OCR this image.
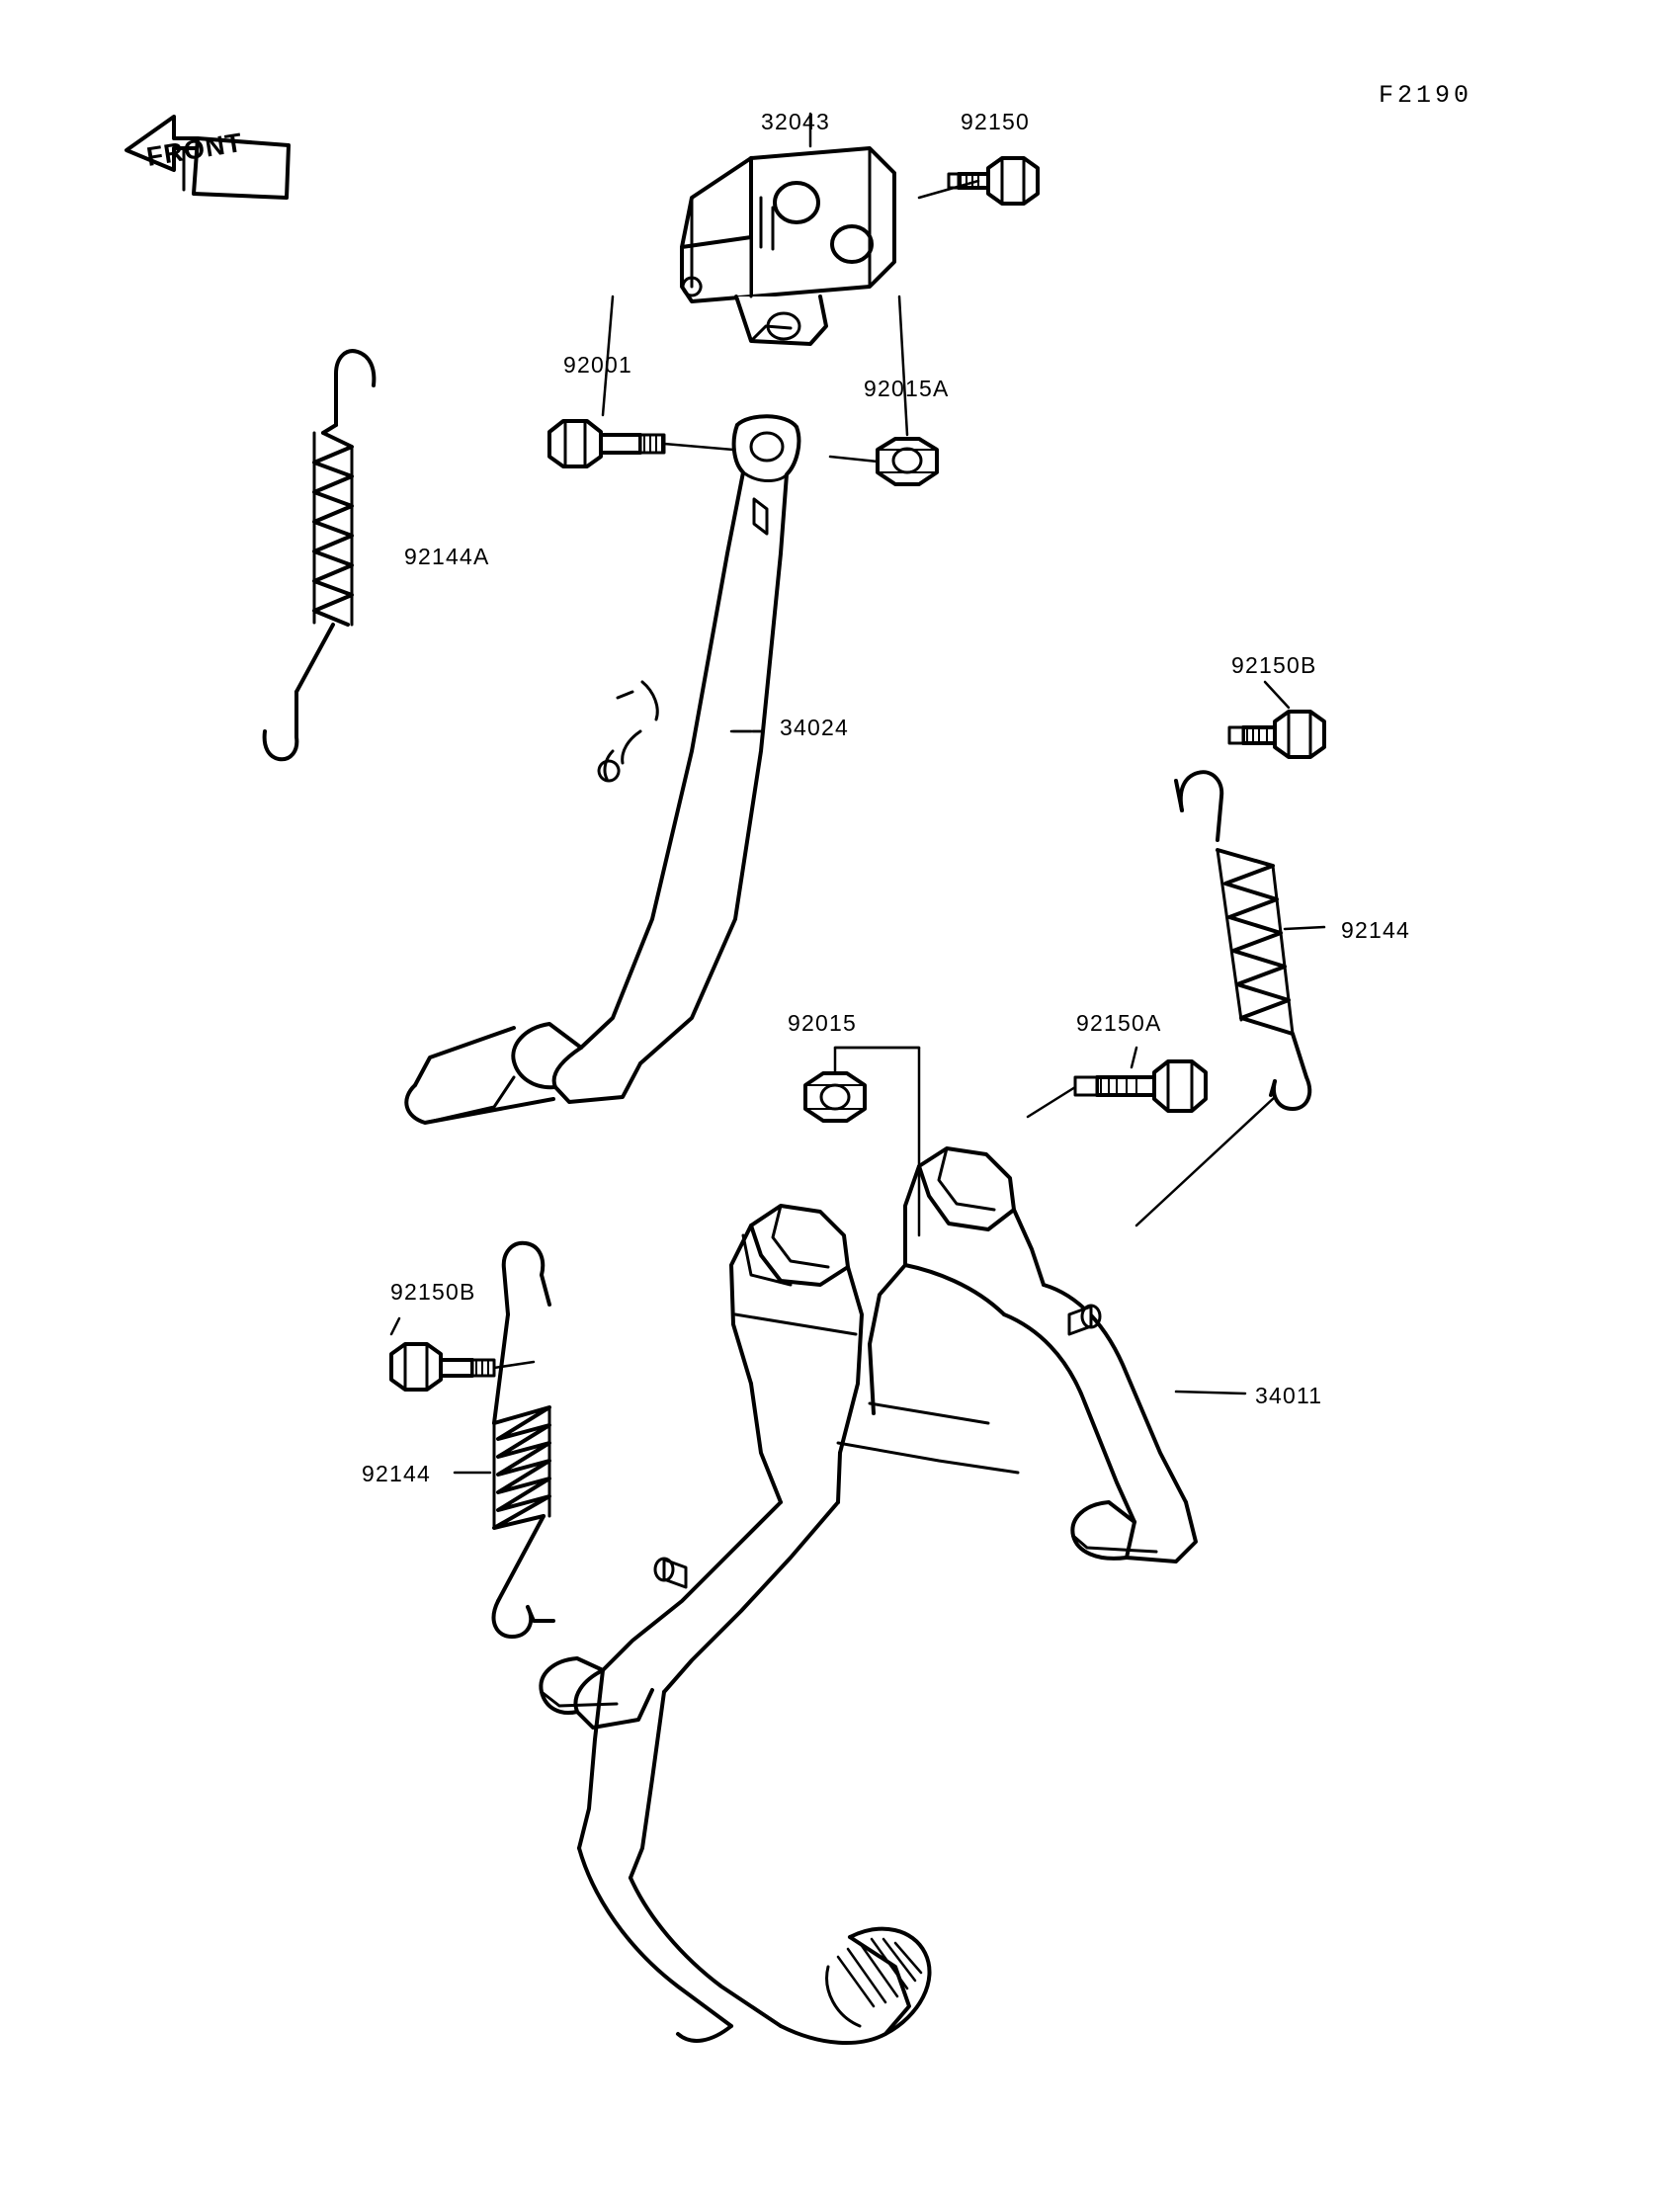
FRONT
F2190
32043	92150
92001
92015A
92144A
34024
92150B
92144
92015	92150A
92150B
34011
92144
